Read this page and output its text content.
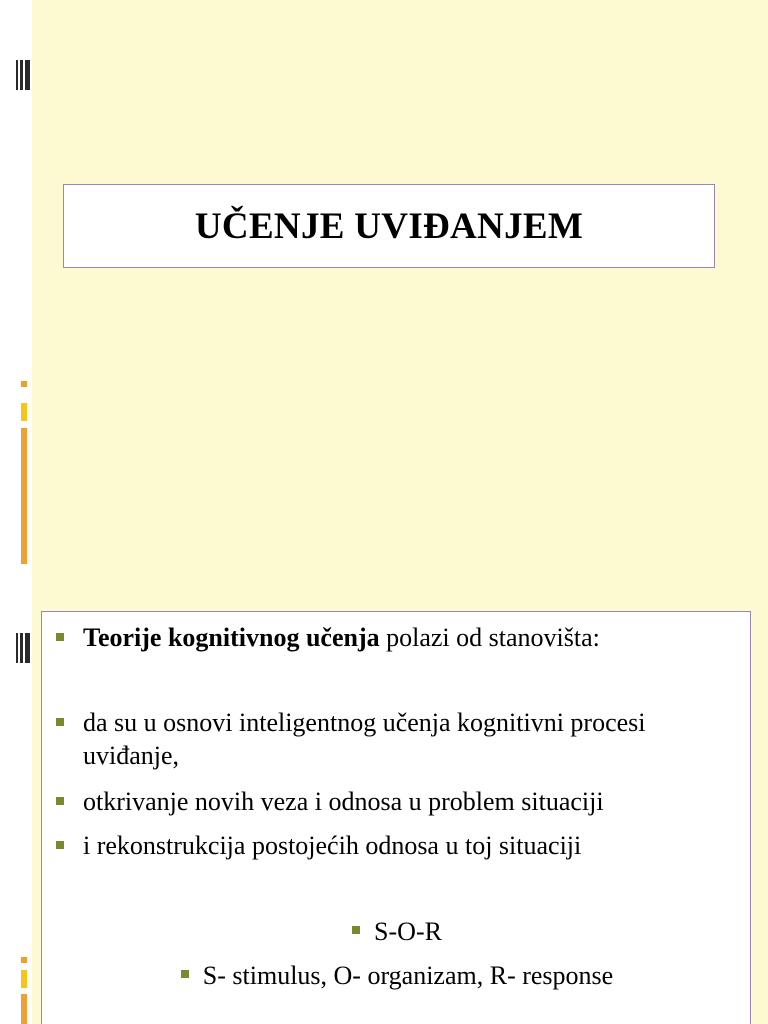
UČENJE UVIĐANJEM
Teorije kognitivnog učenja polazi od stanovišta:
da su u osnovi inteligentnog učenja kognitivni procesi
uviđanje,
otkrivanje novih veza i odnosa u problem situaciji
i rekonstrukcija postojećih odnosa u toj situaciji
S-O-R
S- stimulus, O- organizam, R- response
